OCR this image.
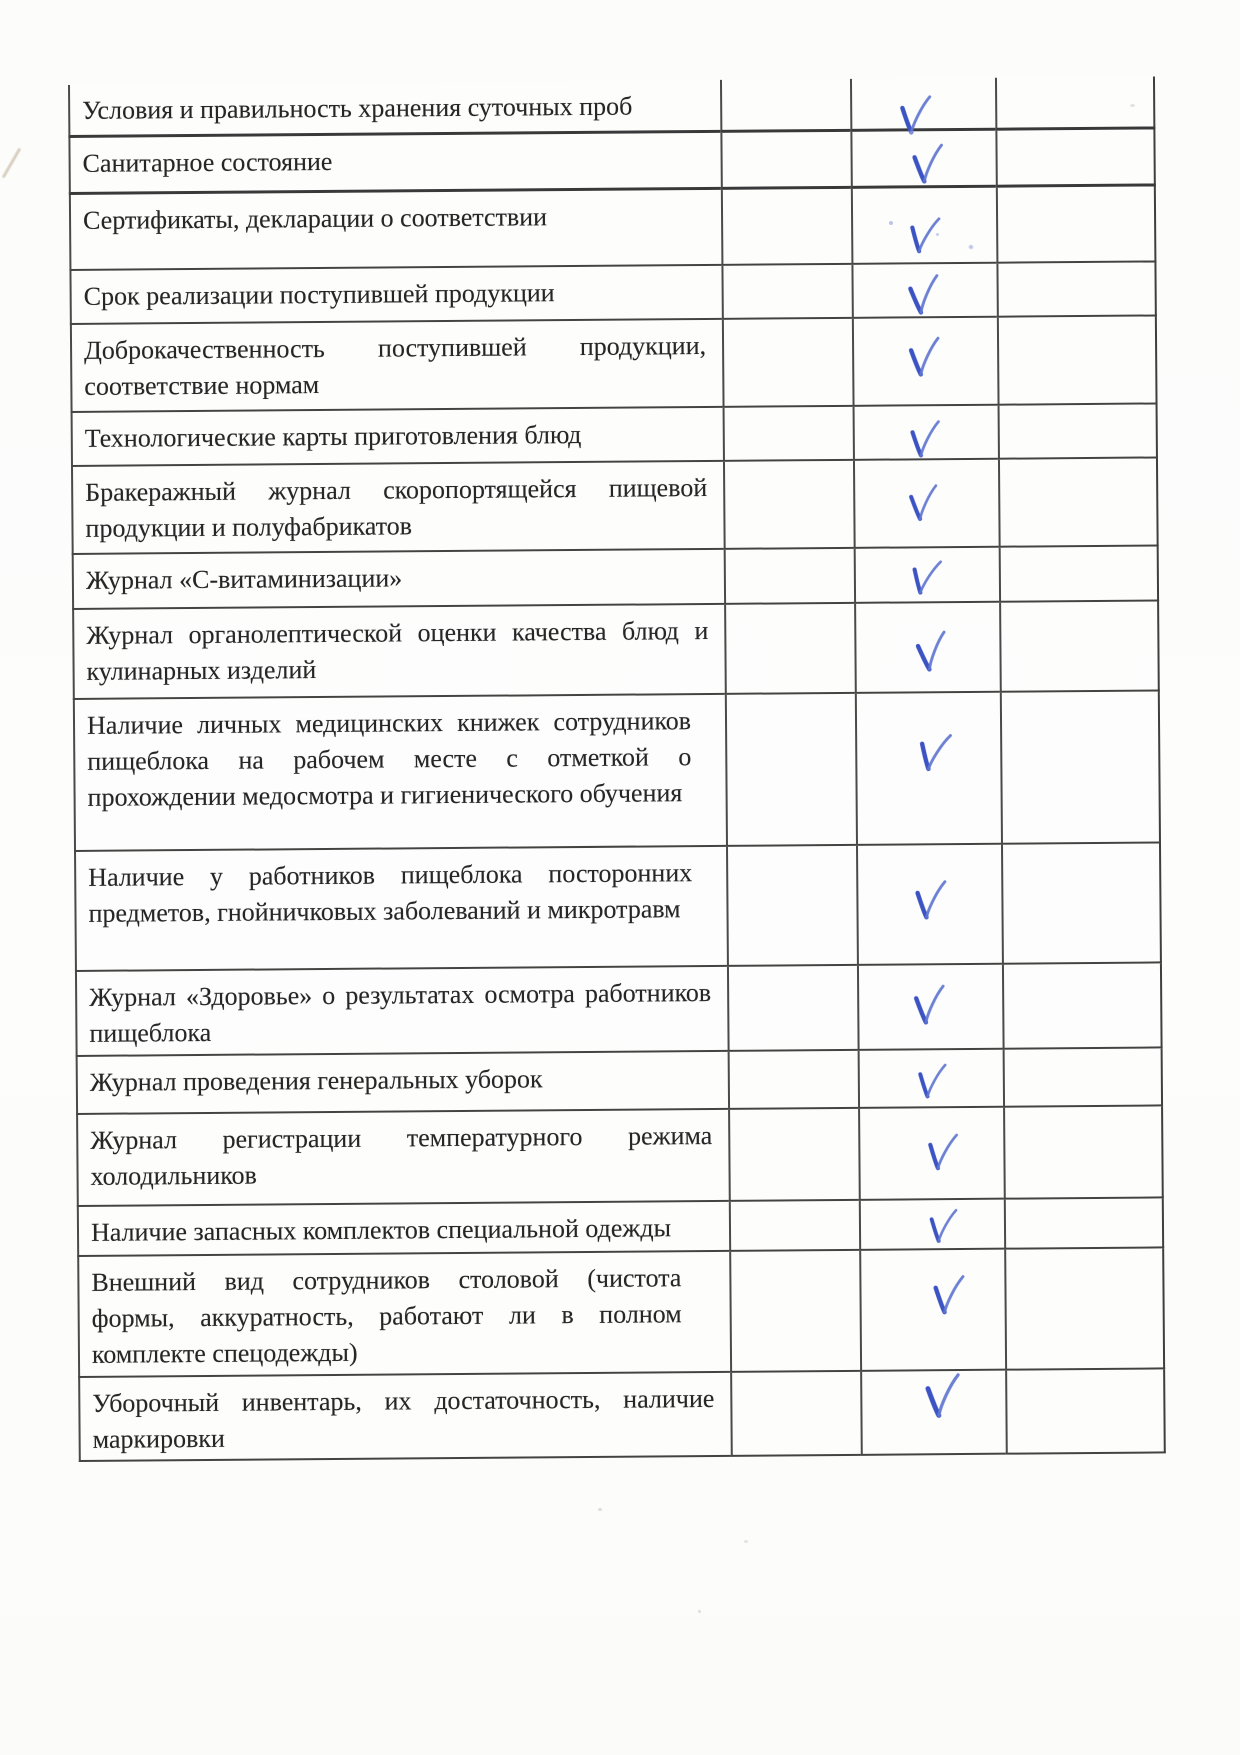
Условия и правильность хранения суточных проб
Санитарное состояние
Сертификаты, декларации о соответствии
Срок реализации поступившей продукции
Доброкачественность поступившей продукции, соответствие нормам
Технологические карты приготовления блюд
Бракеражный журнал скоропортящейся пищевой продукции и полуфабрикатов
Журнал «С-витаминизации»
Журнал органолептической оценки качества блюд и кулинарных изделий
Наличие личных медицинских книжек сотрудников пищеблока на рабочем месте с отметкой о прохождении медосмотра и гигиенического обучения
Наличие у работников пищеблока посторонних предметов, гнойничковых заболеваний и микротравм
Журнал «Здоровье» о результатах осмотра работников пищеблока
Журнал проведения генеральных уборок
Журнал регистрации температурного режима холодильников
Наличие запасных комплектов специальной одежды
Внешний вид сотрудников столовой (чистота формы, аккуратность, работают ли в полном комплекте спецодежды)
Уборочный инвентарь, их достаточность, наличие маркировки
